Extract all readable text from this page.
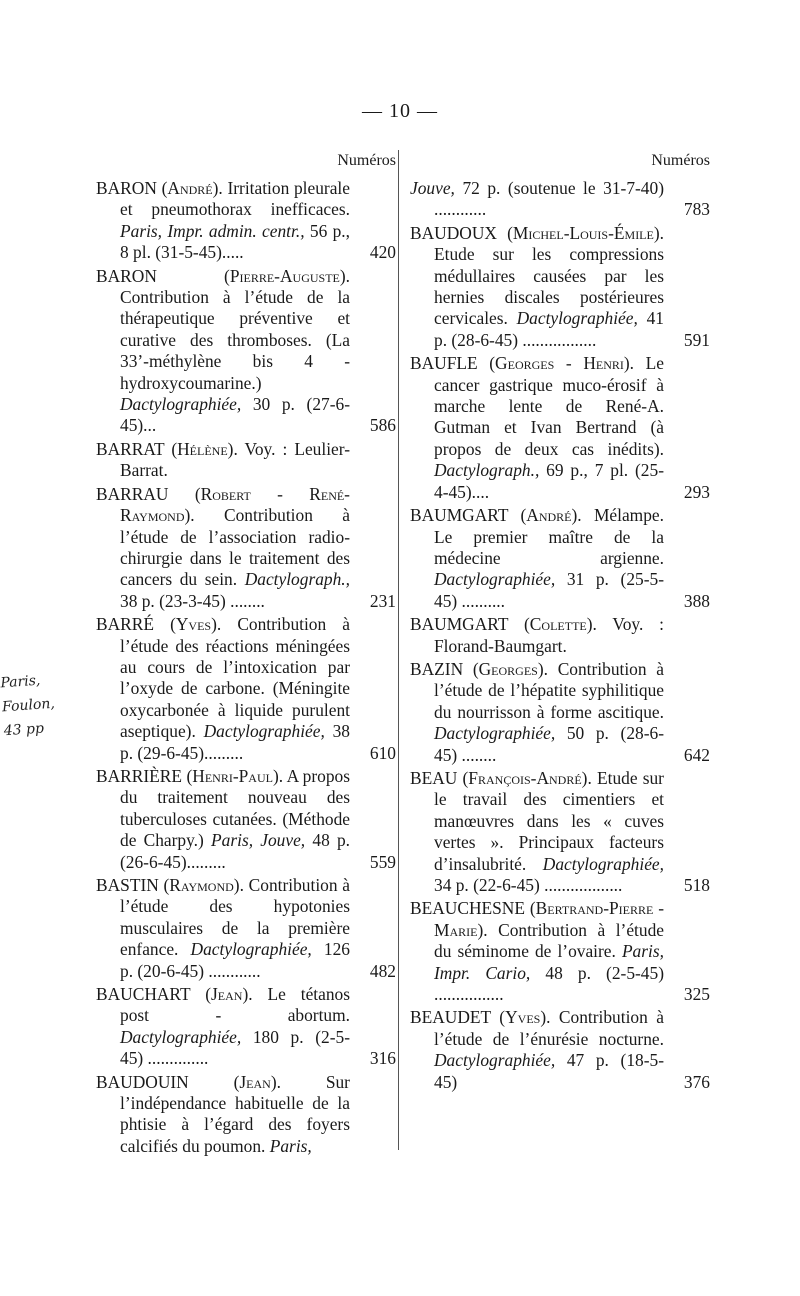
— 10 —
Paris, Foulon,
43 pp
Numéros
BARON (André). Irritation pleurale et pneumothorax inefficaces. Paris, Impr. admin. centr., 56 p., 8 pl. (31-5-45).....	420
BARON	(Pierre-Auguste). Contribution à l’étude de la thérapeutique préventive et curative des thromboses. (La 33’-méthylène bis 4 - hydroxycoumarine.) Dactylographiée, 30 p. (27-6-45)...	586
BARRAT (Hélène). Voy. : Leulier-Barrat.
BARRAU (Robert - René-Raymond). Contribution à l’étude de l’association radio-chirurgie dans le traitement des cancers du sein. Dactylograph., 38 p. (23-3-45) ........	231
BARRÉ (Yves). Contribution à l’étude des réactions méningées au cours de l’intoxication par l’oxyde de carbone. (Méningite oxycarbonée à liquide purulent aseptique). Dactylographiée, 38 p. (29-6-45).........	610
BARRIÈRE (Henri-Paul). A propos du traitement nouveau des tuberculoses cutanées. (Méthode de Charpy.) Paris, Jouve, 48 p. (26-6-45).........	559
BASTIN (Raymond). Contribution à l’étude des hypotonies musculaires de la première enfance. Dactylographiée, 126 p. (20-6-45) ............	482
BAUCHART (Jean). Le tétanos post - abortum. Dactylographiée, 180 p. (2-5-45) ..............	316
BAUDOUIN	(Jean).	Sur l’indépendance habituelle de la phtisie à l’égard des foyers calcifiés du poumon. Paris,
Numéros
Jouve, 72 p. (soutenue le 31-7-40) ............	783
BAUDOUX (Michel-Louis-Émile). Etude sur les compressions médullaires causées par les hernies discales postérieures cervicales. Dactylographiée, 41 p. (28-6-45) .................	591
BAUFLE (Georges - Henri). Le cancer gastrique muco-érosif à marche lente de René-A. Gutman et Ivan Bertrand (à propos de deux cas inédits). Dactylograph., 69 p., 7 pl. (25-4-45)....	293
BAUMGART (André). Mélampe. Le premier maître de la médecine argienne. Dactylographiée, 31 p. (25-5-45) ..........	388
BAUMGART (Colette). Voy. : Florand-Baumgart.
BAZIN (Georges). Contribution à l’étude de l’hépatite syphilitique du nourrisson à forme ascitique. Dactylographiée, 50 p. (28-6-45) ........	642
BEAU (François-André). Etude sur le travail des cimentiers et manœuvres dans les « cuves vertes ». Principaux facteurs d’insalubrité. Dactylographiée, 34 p. (22-6-45) ..................	518
BEAUCHESNE (Bertrand-Pierre - Marie). Contribution à l’étude du séminome de l’ovaire. Paris, Impr. Cario, 48 p. (2-5-45) ................	325
BEAUDET (Yves). Contribution à l’étude de l’énurésie nocturne. Dactylographiée, 47 p. (18-5-45)	376
